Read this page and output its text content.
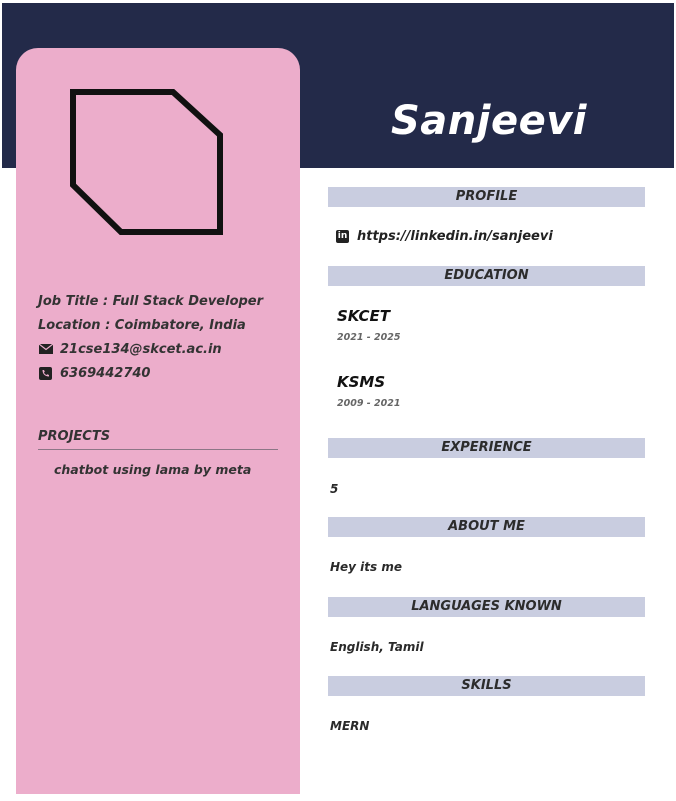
Sanjeevi
Job Title : Full Stack Developer
Location : Coimbatore, India
21cse134@skcet.ac.in
6369442740
PROJECTS
chatbot using lama by meta
PROFILE
in https://linkedin.in/sanjeevi
EDUCATION
SKCET
2021 - 2025
KSMS
2009 - 2021
EXPERIENCE
5
ABOUT ME
Hey its me
LANGUAGES KNOWN
English, Tamil
SKILLS
MERN
